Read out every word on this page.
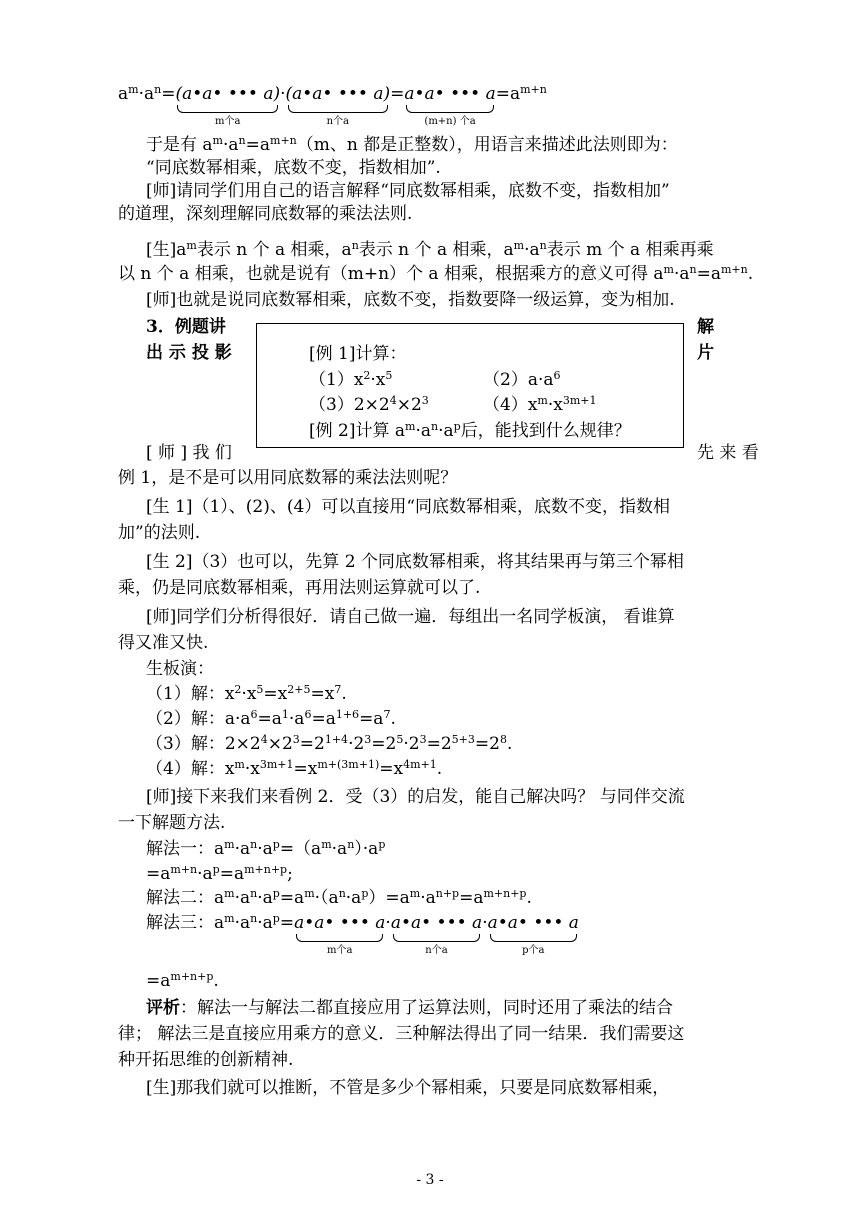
$a^m\cdot a^n=$ (a•a• ••• a)
m个a
· (a•a• ••• a)
n个a
= a•a• ••• a
(m+n) 个a
$=a^{m+n}$
于是有 $a^m\cdot a^n=a^{m+n}(m$、n 都是正整数），用语言来描述此法则即为：
“同底数幂相乘，底数不变，指数相加”.
[师]请同学们用自己的语言解释“同底数幂相乘，底数不变，指数相加”
的道理，深刻理解同底数幂的乘法法则.
[生]$a^m$表示 n 个 a 相乘，$a^n$表示 n 个 a 相乘，$a^m\cdot a^n$表示 m 个 a 相乘再乘
以 n 个 a 相乘，也就是说有（m+n）个 a 相乘，根据乘方的意义可得 $a^m\cdot a^n=a^{m+n}$.
[师]也就是说同底数幂相乘，底数不变，指数要降一级运算，变为相加.
3．例题讲	解
出 示 投 影	片
[例 1]计算：
$(1)x^2\cdot x^5$	$(2)a\cdot a^6$
$(3)2\times 2^4\times 2^3$	$(4)x^m\cdot x^{3m+1}$
[例 2]计算 $a^m\cdot a^n\cdot a^p$后，能找到什么规律？
[ 师 ] 我 们	先 来 看
例 1，是不是可以用同底数幂的乘法法则呢？
[生 1]（1）、(2)、(4）可以直接用“同底数幂相乘，底数不变，指数相
加”的法则.
[生 2]（3）也可以，先算 2 个同底数幂相乘，将其结果再与第三个幂相
乘，仍是同底数幂相乘，再用法则运算就可以了.
[师]同学们分析得很好．请自己做一遍．每组出一名同学板演， 看谁算
得又准又快.
生板演：
（1）解：$x^2\cdot x^5=x^{2+5}=x^7$.
（2）解：$a\cdot a^6=a^1\cdot a^6=a^{1+6}=a^7$.
（3）解：$2\times 2^4\times 2^3=2^{1+4}\cdot 2^3=2^5\cdot 2^3=2^{5+3}=2^8$.
（4）解：$x^m\cdot x^{3m+1}=x^{m+(3m+1)}=x^{4m+1}$.
[师]接下来我们来看例 2．受（3）的启发，能自己解决吗？ 与同伴交流
一下解题方法.
解法一：$a^m\cdot a^n\cdot a^p=(a^m\cdot a^n)\cdot a^p$
$=a^{m+n}\cdot a^p=a^{m+n+p}$;
解法二：$a^m\cdot a^n\cdot a^p=a^m\cdot(a^n\cdot a^p)=a^m\cdot a^{n+p}=a^{m+n+p}$.
解法三：$a^m\cdot a^n\cdot a^p=$ a•a• ••• a
m个a
· a•a• ••• a
n个a
· a•a• ••• a
p个a
$=a^{m+n+p}$.
评析：解法一与解法二都直接应用了运算法则，同时还用了乘法的结合
律； 解法三是直接应用乘方的意义．三种解法得出了同一结果．我们需要这
种开拓思维的创新精神.
[生]那我们就可以推断，不管是多少个幂相乘，只要是同底数幂相乘，
- 3 -
